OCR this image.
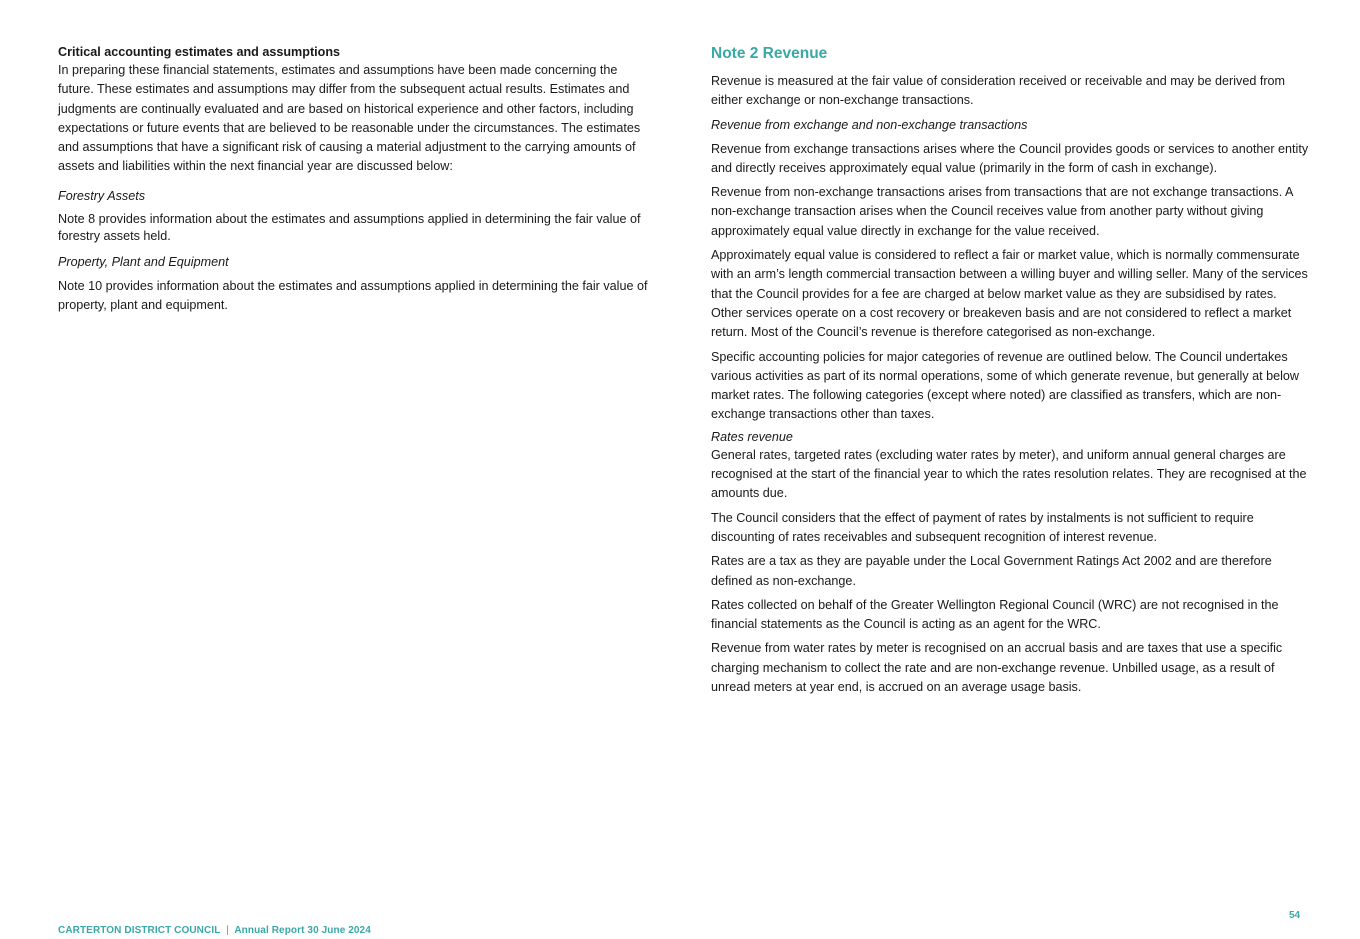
Critical accounting estimates and assumptions

In preparing these financial statements, estimates and assumptions have been made concerning the future. These estimates and assumptions may differ from the subsequent actual results. Estimates and judgments are continually evaluated and are based on historical experience and other factors, including expectations or future events that are believed to be reasonable under the circumstances. The estimates and assumptions that have a significant risk of causing a material adjustment to the carrying amounts of assets and liabilities within the next financial year are discussed below:

Forestry Assets

Note 8 provides information about the estimates and assumptions applied in determining the fair value of forestry assets held.

Property, Plant and Equipment

Note 10 provides information about the estimates and assumptions applied in determining the fair value of property, plant and equipment.

Note 2 Revenue

Revenue is measured at the fair value of consideration received or receivable and may be derived from either exchange or non-exchange transactions.

Revenue from exchange and non-exchange transactions

Revenue from exchange transactions arises where the Council provides goods or services to another entity and directly receives approximately equal value (primarily in the form of cash in exchange).

Revenue from non-exchange transactions arises from transactions that are not exchange transactions. A non-exchange transaction arises when the Council receives value from another party without giving approximately equal value directly in exchange for the value received.

Approximately equal value is considered to reflect a fair or market value, which is normally commensurate with an arm’s length commercial transaction between a willing buyer and willing seller. Many of the services that the Council provides for a fee are charged at below market value as they are subsidised by rates. Other services operate on a cost recovery or breakeven basis and are not considered to reflect a market return. Most of the Council’s revenue is therefore categorised as non-exchange.

Specific accounting policies for major categories of revenue are outlined below. The Council undertakes various activities as part of its normal operations, some of which generate revenue, but generally at below market rates. The following categories (except where noted) are classified as transfers, which are non-exchange transactions other than taxes.

Rates revenue

General rates, targeted rates (excluding water rates by meter), and uniform annual general charges are recognised at the start of the financial year to which the rates resolution relates. They are recognised at the amounts due.

The Council considers that the effect of payment of rates by instalments is not sufficient to require discounting of rates receivables and subsequent recognition of interest revenue.

Rates are a tax as they are payable under the Local Government Ratings Act 2002 and are therefore defined as non-exchange.

Rates collected on behalf of the Greater Wellington Regional Council (WRC) are not recognised in the financial statements as the Council is acting as an agent for the WRC.

Revenue from water rates by meter is recognised on an accrual basis and are taxes that use a specific charging mechanism to collect the rate and are non-exchange revenue. Unbilled usage, as a result of unread meters at year end, is accrued on an average usage basis.

CARTERTON DISTRICT COUNCIL | Annual Report 30 June 2024
54
